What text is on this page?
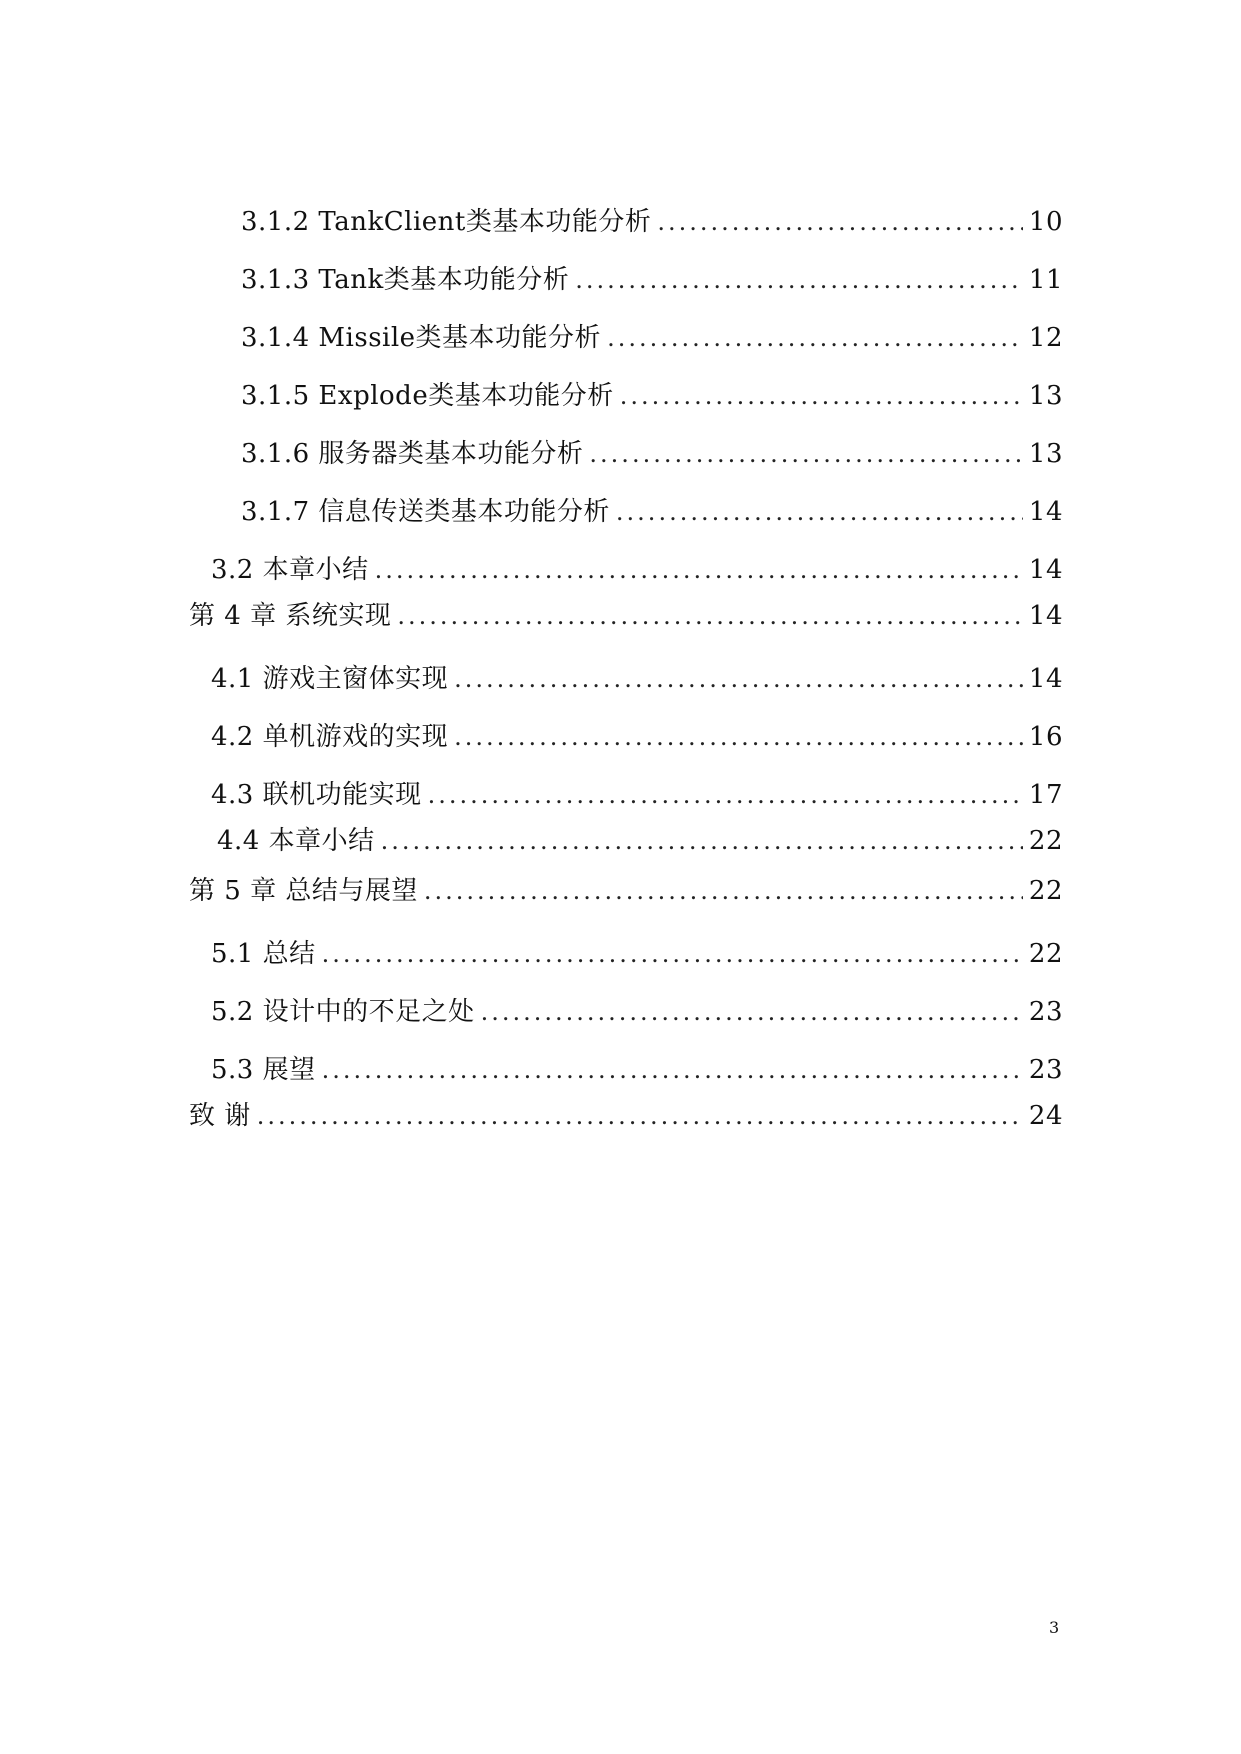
3.1.2 TankClient类基本功能分析 .....	10
3.1.3 Tank类基本功能分析 .....	11
3.1.4 Missile类基本功能分析 .....	12
3.1.5 Explode类基本功能分析 .....	13
3.1.6 服务器类基本功能分析 .....	13
3.1.7 信息传送类基本功能分析 .....	14
3.2 本章小结 .....	14
第 4 章 系统实现 .....	14
4.1 游戏主窗体实现 .....	14
4.2 单机游戏的实现 .....	16
4.3 联机功能实现 .....	17
4.4 本章小结 .....	22
第 5 章 总结与展望 .....	22
5.1 总结 .....	22
5.2 设计中的不足之处 .....	23
5.3 展望 .....	23
致 谢 .....	24
3
